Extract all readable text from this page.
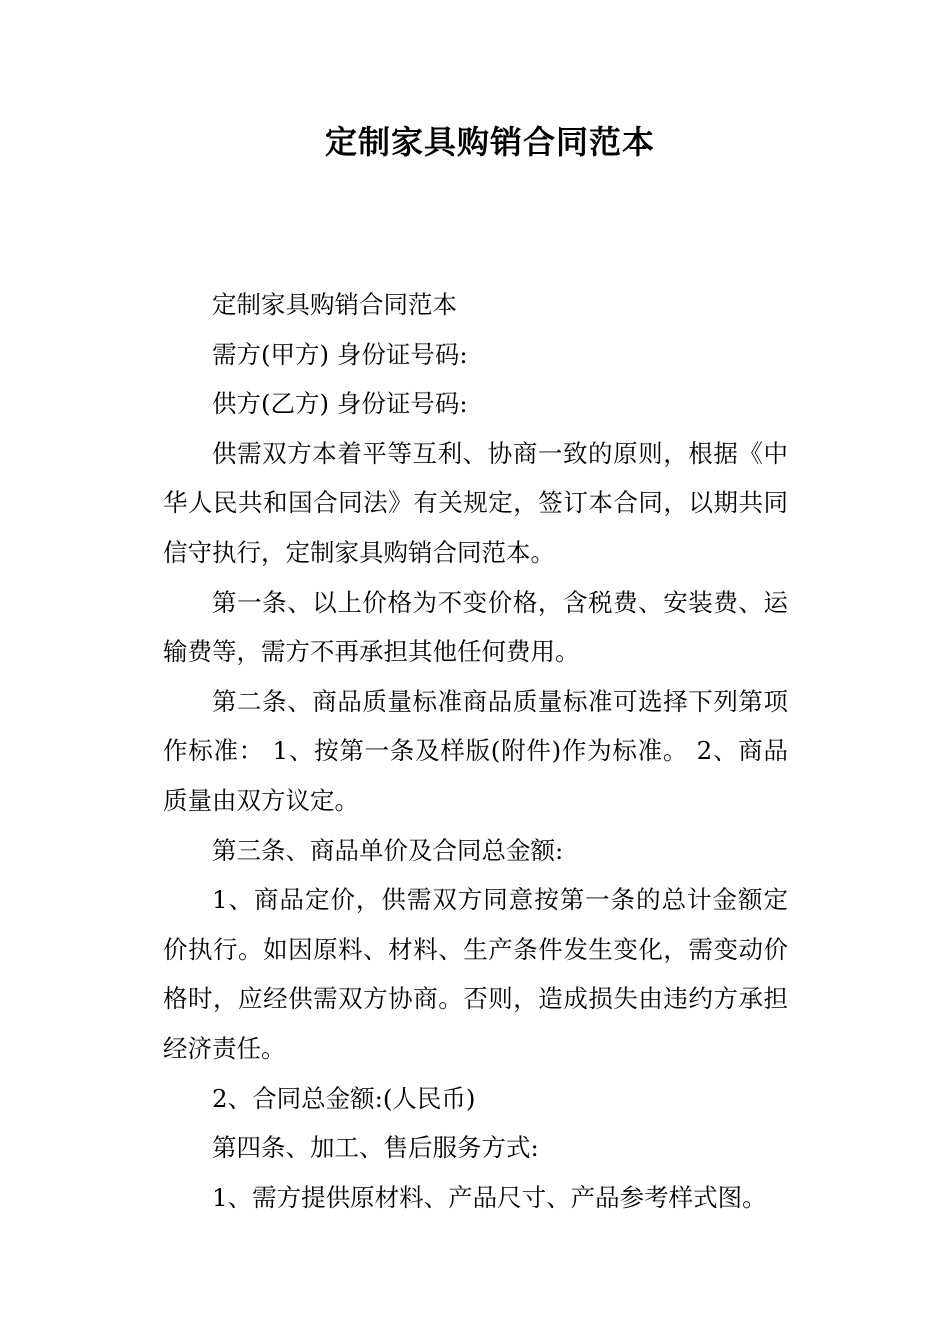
定制家具购销合同范本

定制家具购销合同范本

需方(甲方) 身份证号码:

供方(乙方) 身份证号码:

供需双方本着平等互利、协商一致的原则，根据《中华人民共和国合同法》有关规定，签订本合同，以期共同信守执行，定制家具购销合同范本。

第一条、以上价格为不变价格，含税费、安装费、运输费等，需方不再承担其他任何费用。

第二条、商品质量标准商品质量标准可选择下列第项作标准： 1、按第一条及样版(附件)作为标准。 2、商品质量由双方议定。

第三条、商品单价及合同总金额:

1、商品定价，供需双方同意按第一条的总计金额定价执行。如因原料、材料、生产条件发生变化，需变动价格时，应经供需双方协商。否则，造成损失由违约方承担经济责任。

2、合同总金额:(人民币)

第四条、加工、售后服务方式:

1、需方提供原材料、产品尺寸、产品参考样式图。
